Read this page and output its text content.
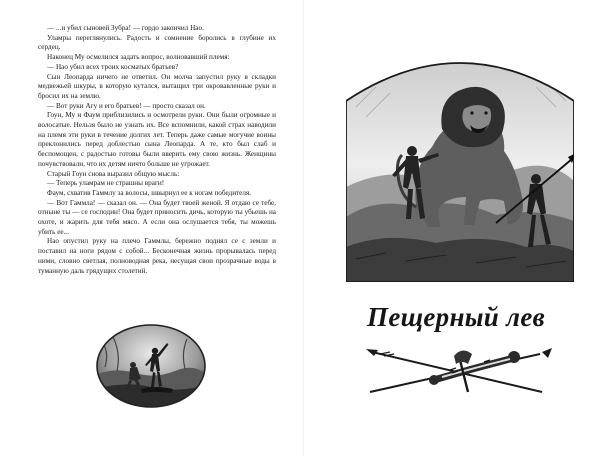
— ...и убил сыновей Зубра! — гордо закончил Нао.

Уламры переглянулись. Радость и сомнение боролись в глубине их сердец.

Наконец Му осмелился задать вопрос, волновавший племя:

— Нао убил всех троих косматых братьев?

Сын Леопарда ничего не ответил. Он молча запустил руку в складки медвежьей шкуры, в которую кутался, вытащил три окровавленные руки и бросил их на землю.

— Вот руки Агу и его братьев! — просто сказал он.

Гоун, Му и Фаум приблизились и осмотрели руки. Они были огромные и волосатые. Нельзя было не узнать их. Все вспомнили, какой страх наводили на племя эти руки в течение долгих лет. Теперь даже самые могучие воины преклонились перед доблестью сына Леопарда. А те, кто был слаб и беспомощен, с радостью готовы были вверить ему свою жизнь. Женщины почувствовали, что их детям ничто больше не угрожает.

Старый Гоун снова выразил общую мысль:

— Теперь уламрам не страшны враги!

Фаум, схватив Гаммлу за волосы, швырнул ее к ногам победителя.

— Вот Гаммла! — сказал он. — Она будет твоей женой. Я отдаю се тебе, отныне ты — се господин! Она будет приносить дичь, которую ты убьешь на охоте, и жарить для тебя мясо. А если она ослушается тебя, ты можешь убить ее...

Нао опустил руку на плечо Гаммлы, бережно поднял се с земли и поставил на ноги рядом с собой... Бесконечная жизнь прорывалась перед ними, словно светлая, полноводная река, несущая свои прозрачные воды в туманную даль грядущих столетий.

Пещерный лев
